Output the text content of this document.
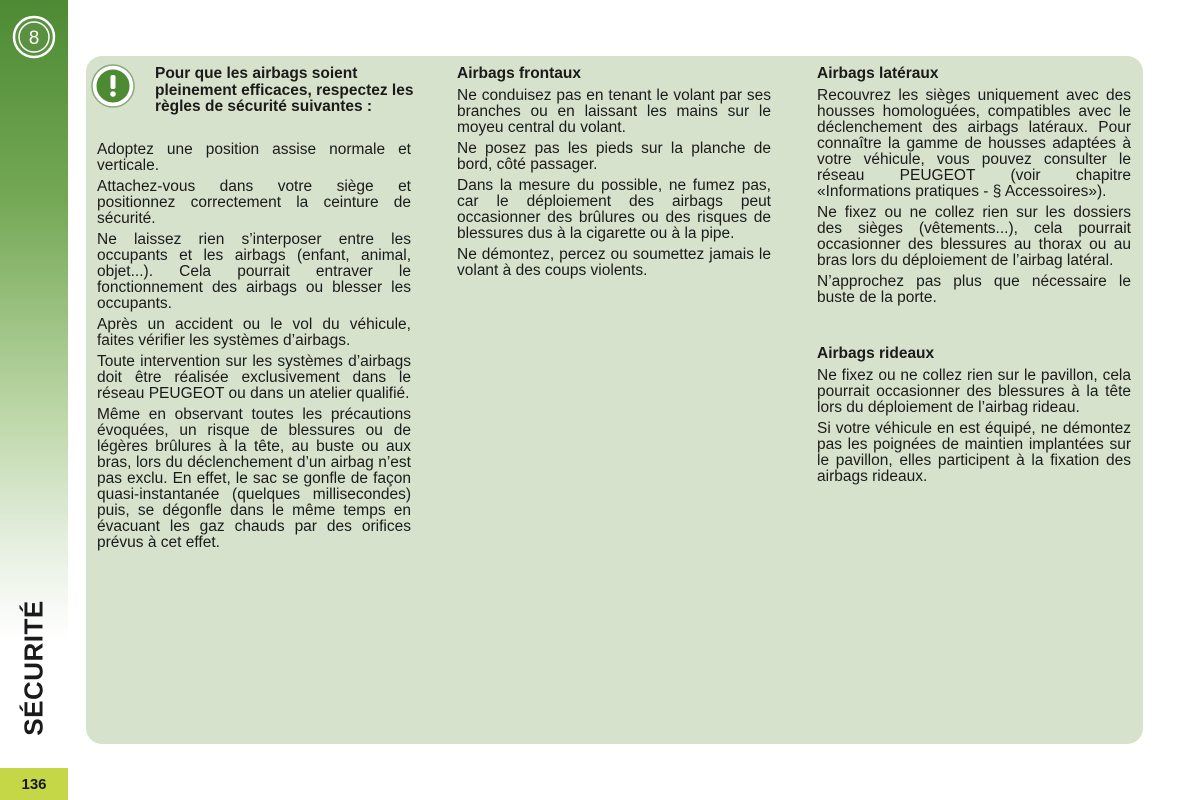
8
SÉCURITÉ
136
Pour que les airbags soient pleinement efficaces, respectez les règles de sécurité suivantes :

Adoptez une position assise normale et verticale.

Attachez-vous dans votre siège et positionnez correctement la ceinture de sécurité.

Ne laissez rien s’interposer entre les occupants et les airbags (enfant, animal, objet...). Cela pourrait entraver le fonctionnement des airbags ou blesser les occupants.

Après un accident ou le vol du véhicule, faites vérifier les systèmes d’airbags.

Toute intervention sur les systèmes d’airbags doit être réalisée exclusivement dans le réseau PEUGEOT ou dans un atelier qualifié.

Même en observant toutes les précautions évoquées, un risque de blessures ou de légères brûlures à la tête, au buste ou aux bras, lors du déclenchement d’un airbag n’est pas exclu. En effet, le sac se gonfle de façon quasi-instantanée (quelques millisecondes) puis, se dégonfle dans le même temps en évacuant les gaz chauds par des orifices prévus à cet effet.

Airbags frontaux

Ne conduisez pas en tenant le volant par ses branches ou en laissant les mains sur le moyeu central du volant.

Ne posez pas les pieds sur la planche de bord, côté passager.

Dans la mesure du possible, ne fumez pas, car le déploiement des airbags peut occasionner des brûlures ou des risques de blessures dus à la cigarette ou à la pipe.

Ne démontez, percez ou soumettez jamais le volant à des coups violents.

Airbags latéraux

Recouvrez les sièges uniquement avec des housses homologuées, compatibles avec le déclenchement des airbags latéraux. Pour connaître la gamme de housses adaptées à votre véhicule, vous pouvez consulter le réseau PEUGEOT (voir chapitre «Informations pratiques - § Accessoires»).

Ne fixez ou ne collez rien sur les dossiers des sièges (vêtements...), cela pourrait occasionner des blessures au thorax ou au bras lors du déploiement de l’airbag latéral.

N’approchez pas plus que nécessaire le buste de la porte.

Airbags rideaux

Ne fixez ou ne collez rien sur le pavillon, cela pourrait occasionner des blessures à la tête lors du déploiement de l’airbag rideau.

Si votre véhicule en est équipé, ne démontez pas les poignées de maintien implantées sur le pavillon, elles participent à la fixation des airbags rideaux.
